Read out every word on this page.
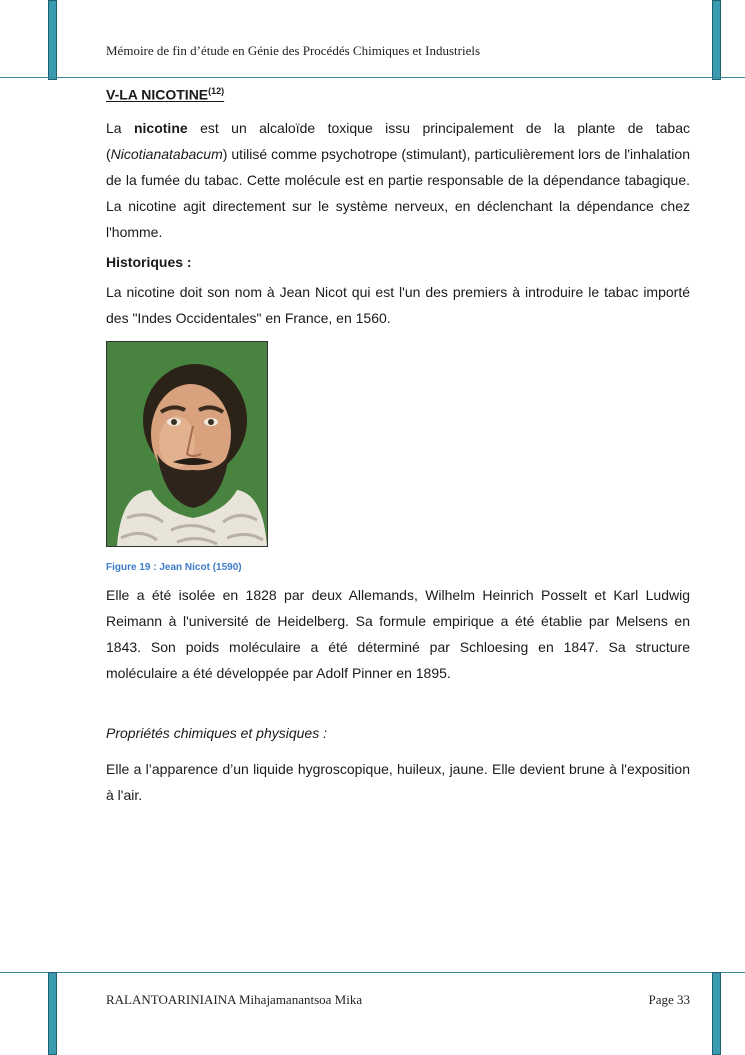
Mémoire de fin d’étude en Génie des Procédés Chimiques et Industriels
V-LA NICOTINE$^{(12)}$

La nicotine est un alcaloïde toxique issu principalement de la plante de tabac (Nicotianatabacum) utilisé comme psychotrope (stimulant), particulièrement lors de l'inhalation de la fumée du tabac. Cette molécule est en partie responsable de la dépendance tabagique. La nicotine agit directement sur le système nerveux, en déclenchant la dépendance chez l'homme.

Historiques :

La nicotine doit son nom à Jean Nicot qui est l'un des premiers à introduire le tabac importé des "Indes Occidentales" en France, en 1560.

Figure 19 : Jean Nicot (1590)

Elle a été isolée en 1828 par deux Allemands, Wilhelm Heinrich Posselt et Karl Ludwig Reimann à l'université de Heidelberg. Sa formule empirique a été établie par Melsens en 1843. Son poids moléculaire a été déterminé par Schloesing en 1847. Sa structure moléculaire a été développée par Adolf Pinner en 1895.

Propriétés chimiques et physiques :

Elle a l’apparence d’un liquide hygroscopique, huileux, jaune. Elle devient brune à l'exposition à l'air.

RALANTOARINIAINA Mihajamanantsoa Mika	Page 33
